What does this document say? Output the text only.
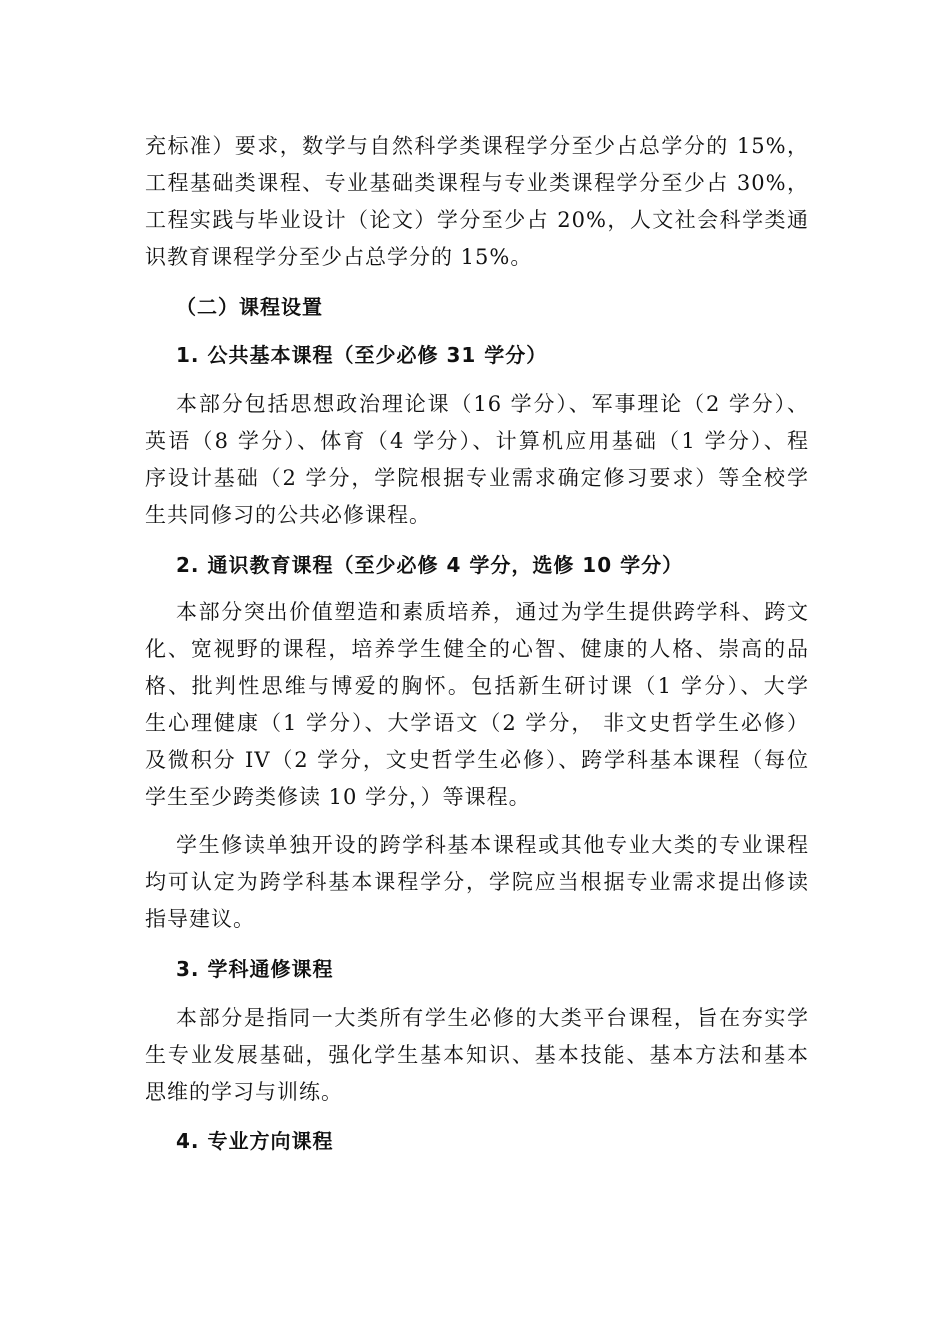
充标准）要求，数学与自然科学类课程学分至少占总学分的 15%，
工程基础类课程、专业基础类课程与专业类课程学分至少占 30%，
工程实践与毕业设计（论文）学分至少占 20%，人文社会科学类通
识教育课程学分至少占总学分的 15%。
（二）课程设置
1. 公共基本课程（至少必修 31 学分）
本部分包括思想政治理论课（16 学分）、军事理论（2 学分）、
英语（8 学分）、体育（4 学分）、计算机应用基础（1 学分）、程
序设计基础（2 学分，学院根据专业需求确定修习要求）等全校学
生共同修习的公共必修课程。
2. 通识教育课程（至少必修 4 学分，选修 10 学分）
本部分突出价值塑造和素质培养，通过为学生提供跨学科、跨文
化、宽视野的课程，培养学生健全的心智、健康的人格、崇高的品
格、批判性思维与博爱的胸怀。包括新生研讨课（1 学分）、大学
生心理健康（1 学分）、大学语文（2 学分， 非文史哲学生必修）
及微积分 IV（2 学分，文史哲学生必修）、跨学科基本课程（每位
学生至少跨类修读 10 学分，）等课程。
学生修读单独开设的跨学科基本课程或其他专业大类的专业课程
均可认定为跨学科基本课程学分，学院应当根据专业需求提出修读
指导建议。
3. 学科通修课程
本部分是指同一大类所有学生必修的大类平台课程，旨在夯实学
生专业发展基础，强化学生基本知识、基本技能、基本方法和基本
思维的学习与训练。
4. 专业方向课程
